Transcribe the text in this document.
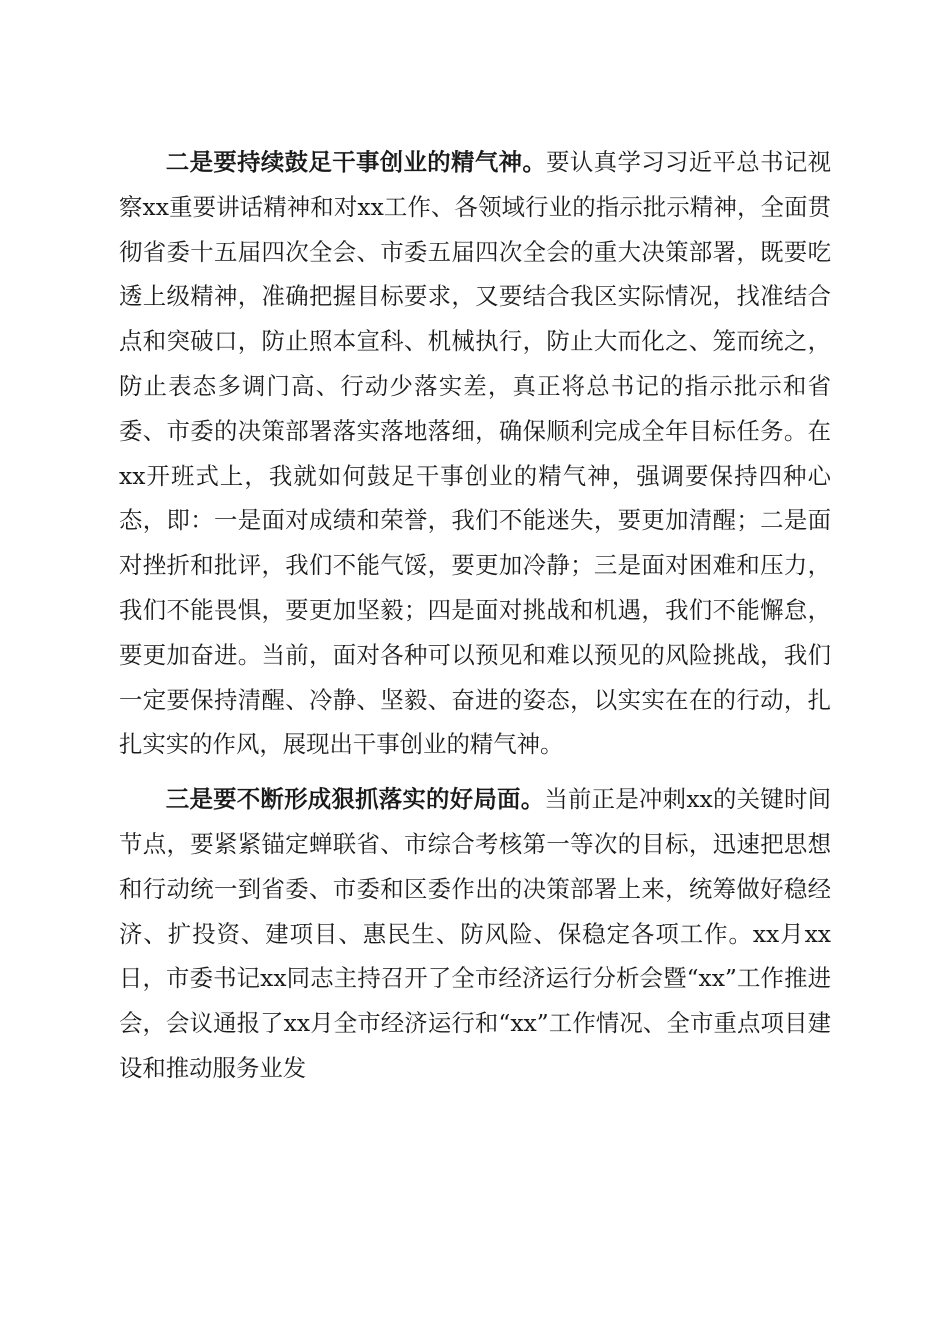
二是要持续鼓足干事创业的精气神。要认真学习习近平总书记视察xx重要讲话精神和对xx工作、各领域行业的指示批示精神，全面贯彻省委十五届四次全会、市委五届四次全会的重大决策部署，既要吃透上级精神，准确把握目标要求，又要结合我区实际情况，找准结合点和突破口，防止照本宣科、机械执行，防止大而化之、笼而统之，防止表态多调门高、行动少落实差，真正将总书记的指示批示和省委、市委的决策部署落实落地落细，确保顺利完成全年目标任务。在xx开班式上，我就如何鼓足干事创业的精气神，强调要保持四种心态，即：一是面对成绩和荣誉，我们不能迷失，要更加清醒；二是面对挫折和批评，我们不能气馁，要更加冷静；三是面对困难和压力，我们不能畏惧，要更加坚毅；四是面对挑战和机遇，我们不能懈怠，要更加奋进。当前，面对各种可以预见和难以预见的风险挑战，我们一定要保持清醒、冷静、坚毅、奋进的姿态，以实实在在的行动，扎扎实实的作风，展现出干事创业的精气神。

三是要不断形成狠抓落实的好局面。当前正是冲刺xx的关键时间节点，要紧紧锚定蝉联省、市综合考核第一等次的目标，迅速把思想和行动统一到省委、市委和区委作出的决策部署上来，统筹做好稳经济、扩投资、建项目、惠民生、防风险、保稳定各项工作。xx月xx日，市委书记xx同志主持召开了全市经济运行分析会暨“xx”工作推进会，会议通报了xx月全市经济运行和“xx”工作情况、全市重点项目建设和推动服务业发
